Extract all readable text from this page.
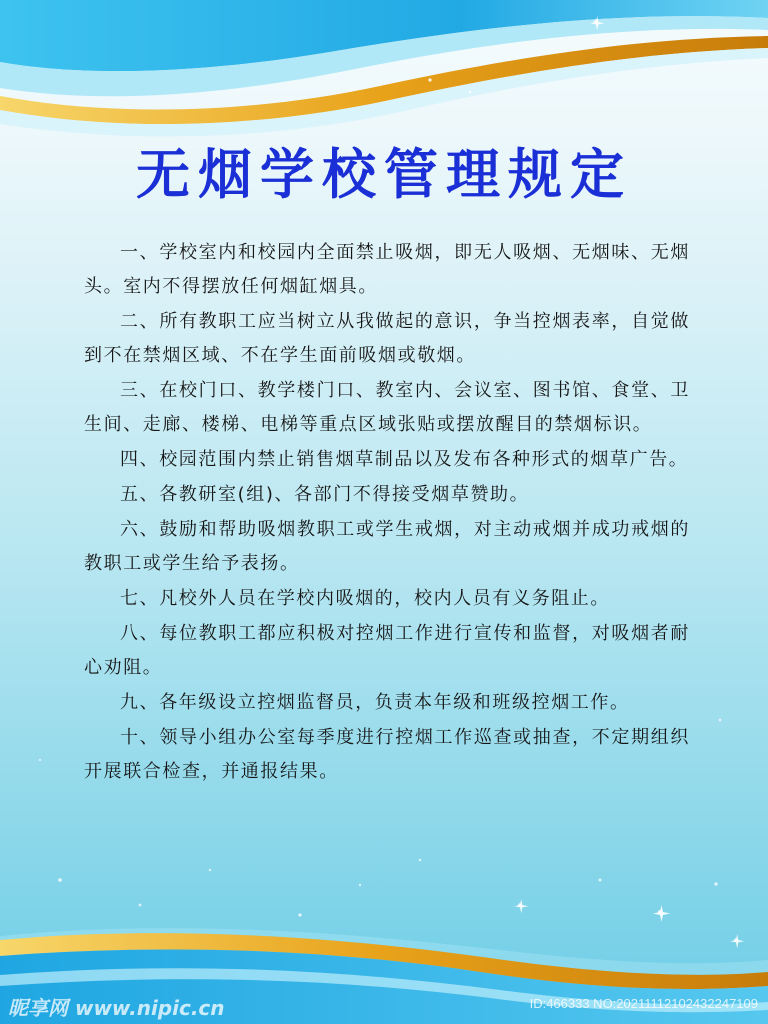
无烟学校管理规定

一、学校室内和校园内全面禁止吸烟，即无人吸烟、无烟味、无烟头。室内不得摆放任何烟缸烟具。

二、所有教职工应当树立从我做起的意识，争当控烟表率，自觉做到不在禁烟区域、不在学生面前吸烟或敬烟。

三、在校门口、教学楼门口、教室内、会议室、图书馆、食堂、卫生间、走廊、楼梯、电梯等重点区域张贴或摆放醒目的禁烟标识。

四、校园范围内禁止销售烟草制品以及发布各种形式的烟草广告。

五、各教研室(组)、各部门不得接受烟草赞助。

六、鼓励和帮助吸烟教职工或学生戒烟，对主动戒烟并成功戒烟的教职工或学生给予表扬。

七、凡校外人员在学校内吸烟的，校内人员有义务阻止。

八、每位教职工都应积极对控烟工作进行宣传和监督，对吸烟者耐心劝阻。

九、各年级设立控烟监督员，负责本年级和班级控烟工作。

十、领导小组办公室每季度进行控烟工作巡查或抽查，不定期组织开展联合检查，并通报结果。

昵享网 www.nipic.cn	ID:466333 NO:20211112102432247109
